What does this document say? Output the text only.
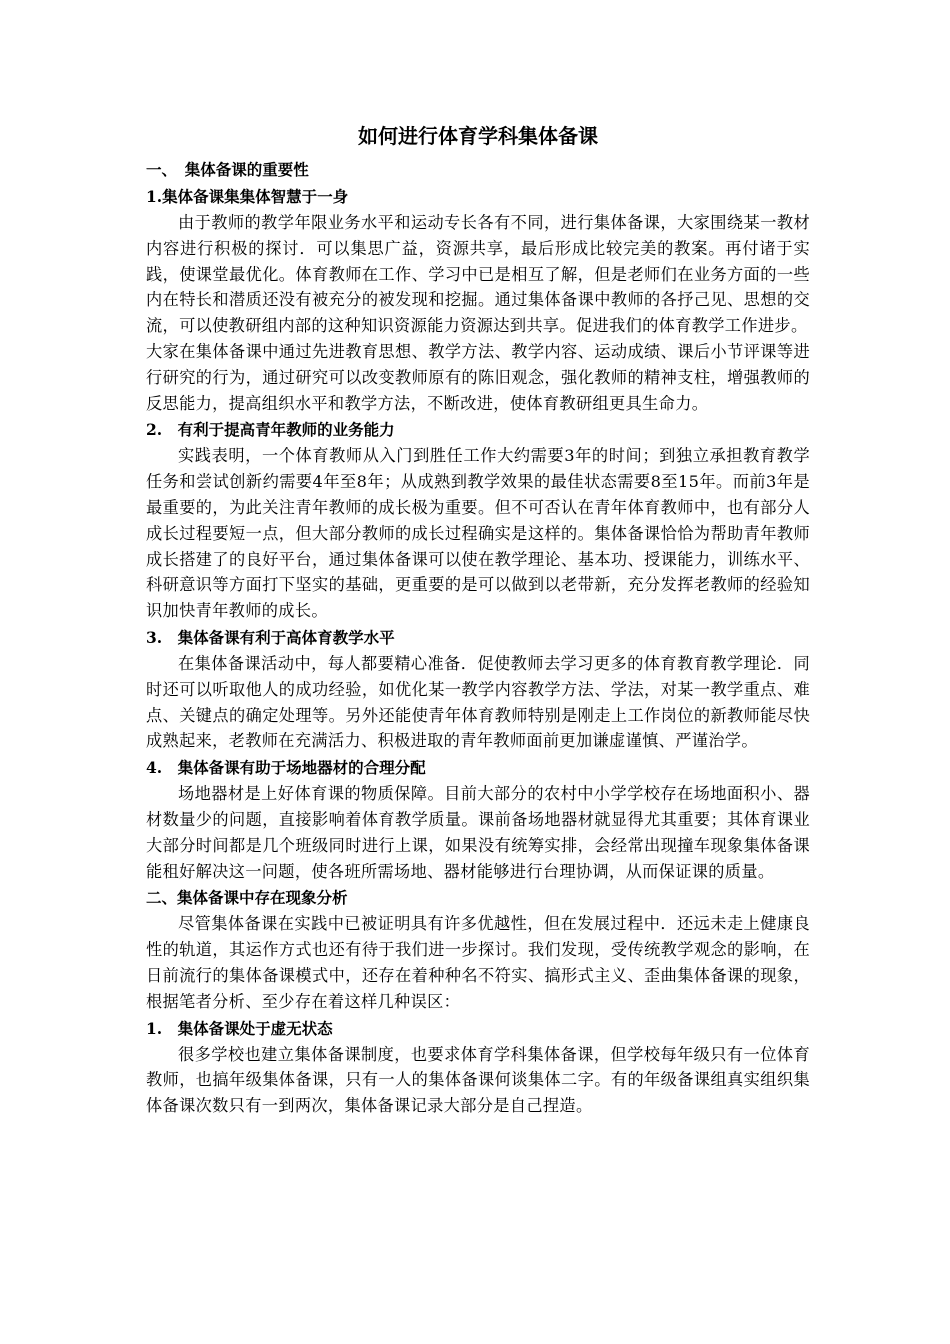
如何进行体育学科集体备课
一、　集体备课的重要性
1.集体备课集集体智慧于一身
由于教师的教学年限业务水平和运动专长各有不同，进行集体备课，大家围绕某一教材内容进行积极的探讨．可以集思广益，资源共享，最后形成比较完美的教案。再付诸于实践，使课堂最优化。体育教师在工作、学习中已是相互了解，但是老师们在业务方面的一些内在特长和潜质还没有被充分的被发现和挖掘。通过集体备课中教师的各抒己见、思想的交流，可以使教研组内部的这种知识资源能力资源达到共享。促进我们的体育教学工作进步。
大家在集体备课中通过先进教育思想、教学方法、教学内容、运动成绩、课后小节评课等进行研究的行为，通过研究可以改变教师原有的陈旧观念，强化教师的精神支柱，增强教师的反思能力，提高组织水平和教学方法，不断改进，使体育教研组更具生命力。
2.　有利于提高青年教师的业务能力
实践表明，一个体育教师从入门到胜任工作大约需要3年的时间；到独立承担教育教学任务和尝试创新约需要4年至8年；从成熟到教学效果的最佳状态需要8至15年。而前3年是最重要的，为此关注青年教师的成长极为重要。但不可否认在青年体育教师中，也有部分人成长过程要短一点，但大部分教师的成长过程确实是这样的。集体备课恰恰为帮助青年教师成长搭建了的良好平台，通过集体备课可以使在教学理论、基本功、授课能力，训练水平、科研意识等方面打下坚实的基础，更重要的是可以做到以老带新，充分发挥老教师的经验知识加快青年教师的成长。
3.　集体备课有利于高体育教学水平
在集体备课活动中，每人都要精心准备．促使教师去学习更多的体育教育教学理论．同时还可以听取他人的成功经验，如优化某一教学内容教学方法、学法，对某一教学重点、难点、关键点的确定处理等。另外还能使青年体育教师特别是刚走上工作岗位的新教师能尽快成熟起来，老教师在充满活力、积极进取的青年教师面前更加谦虚谨慎、严谨治学。
4.　集体备课有助于场地器材的合理分配
场地器材是上好体育课的物质保障。目前大部分的农村中小学学校存在场地面积小、器材数量少的问题，直接影响着体育教学质量。课前备场地器材就显得尤其重要；其体育课业大部分时间都是几个班级同时进行上课，如果没有统筹实排，会经常出现撞车现象集体备课能租好解决这一问题，使各班所需场地、器材能够进行台理协调，从而保证课的质量。
二、集体备课中存在现象分析
尽管集体备课在实践中已被证明具有许多优越性，但在发展过程中．还远未走上健康良性的轨道，其运作方式也还有待于我们进一步探讨。我们发现，受传统教学观念的影响，在日前流行的集体备课模式中，还存在着种种名不符实、搞形式主义、歪曲集体备课的现象，根据笔者分析、至少存在着这样几种误区：
1.　集体备课处于虚无状态
很多学校也建立集体备课制度，也要求体育学科集体备课，但学校每年级只有一位体育教师，也搞年级集体备课，只有一人的集体备课何谈集体二字。有的年级备课组真实组织集体备课次数只有一到两次，集体备课记录大部分是自己捏造。
